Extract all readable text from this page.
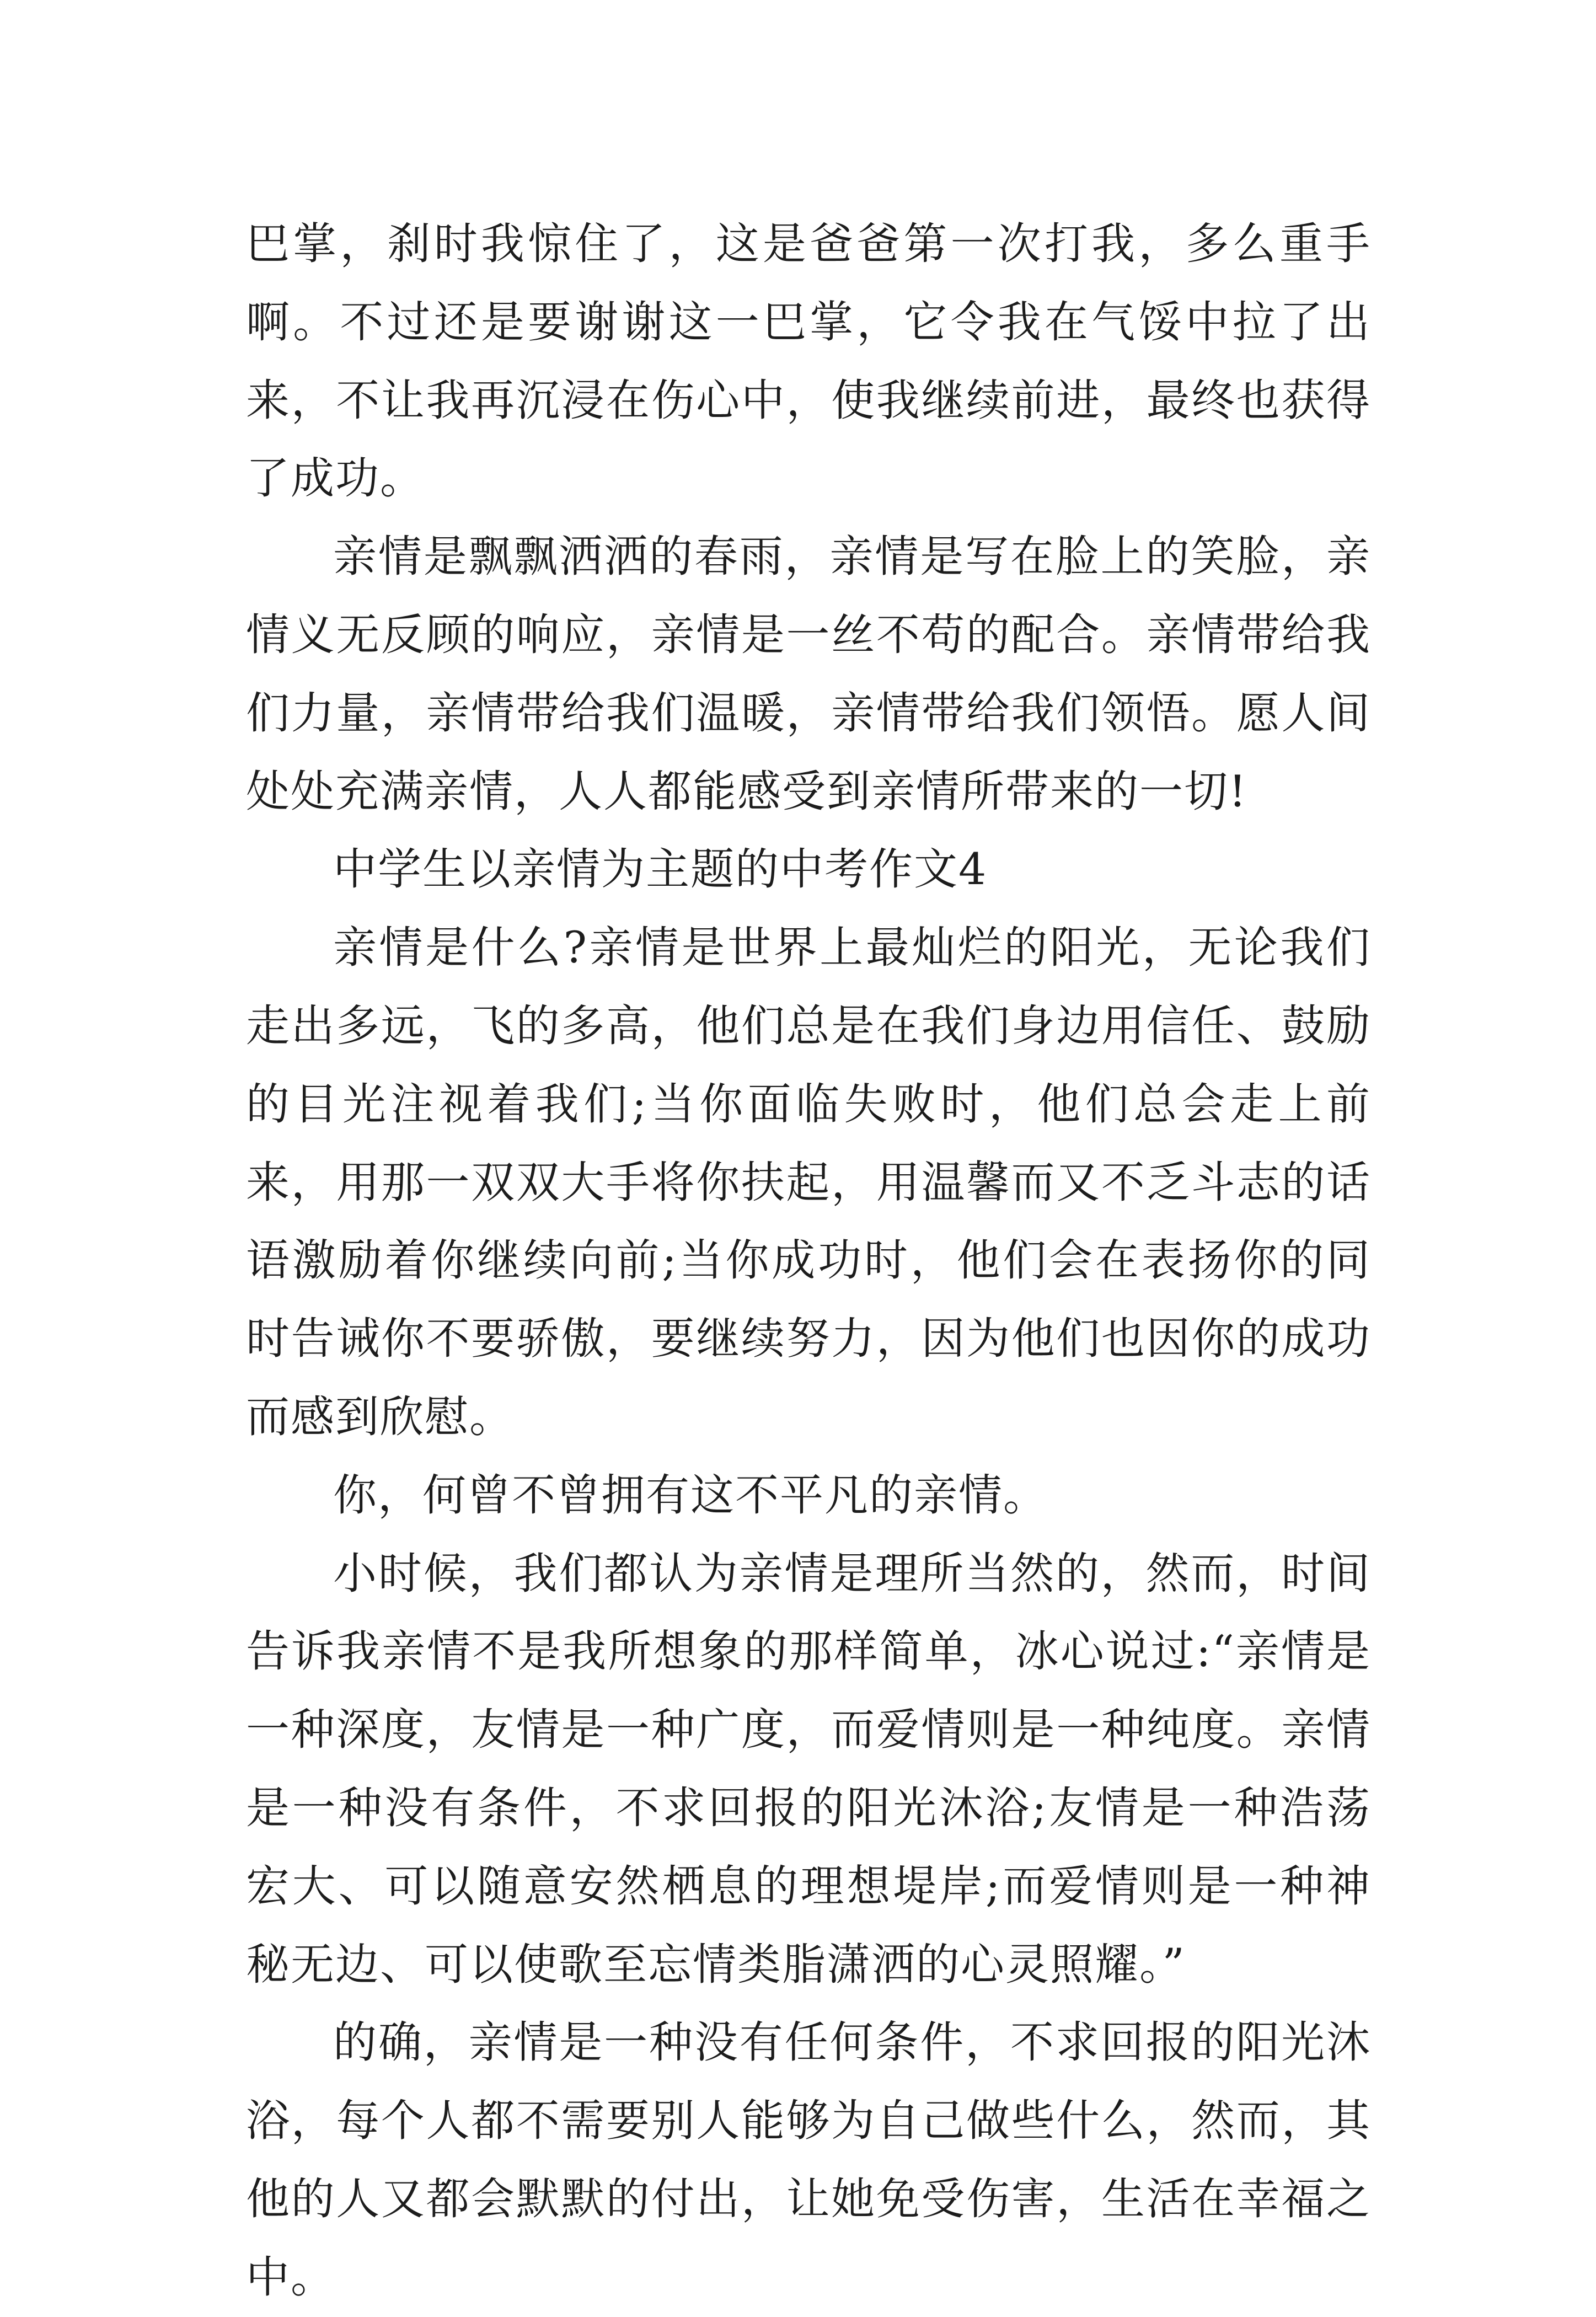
巴掌，刹时我惊住了，这是爸爸第一次打我，多么重手啊。不过还是要谢谢这一巴掌，它令我在气馁中拉了出来，不让我再沉浸在伤心中，使我继续前进，最终也获得了成功。

亲情是飘飘洒洒的春雨，亲情是写在脸上的笑脸，亲情义无反顾的响应，亲情是一丝不苟的配合。亲情带给我们力量，亲情带给我们温暖，亲情带给我们领悟。愿人间处处充满亲情，人人都能感受到亲情所带来的一切!

中学生以亲情为主题的中考作文4

亲情是什么?亲情是世界上最灿烂的阳光，无论我们走出多远，飞的多高，他们总是在我们身边用信任、鼓励的目光注视着我们;当你面临失败时，他们总会走上前来，用那一双双大手将你扶起，用温馨而又不乏斗志的话语激励着你继续向前;当你成功时，他们会在表扬你的同时告诫你不要骄傲，要继续努力，因为他们也因你的成功而感到欣慰。

你，何曾不曾拥有这不平凡的亲情。

小时候，我们都认为亲情是理所当然的，然而，时间告诉我亲情不是我所想象的那样简单，冰心说过:“亲情是一种深度，友情是一种广度，而爱情则是一种纯度。亲情是一种没有条件，不求回报的阳光沐浴;友情是一种浩荡宏大、可以随意安然栖息的理想堤岸;而爱情则是一种神秘无边、可以使歌至忘情类脂潇洒的心灵照耀。”

的确，亲情是一种没有任何条件，不求回报的阳光沐浴，每个人都不需要别人能够为自己做些什么，然而，其他的人又都会默默的付出，让她免受伤害，生活在幸福之中。
